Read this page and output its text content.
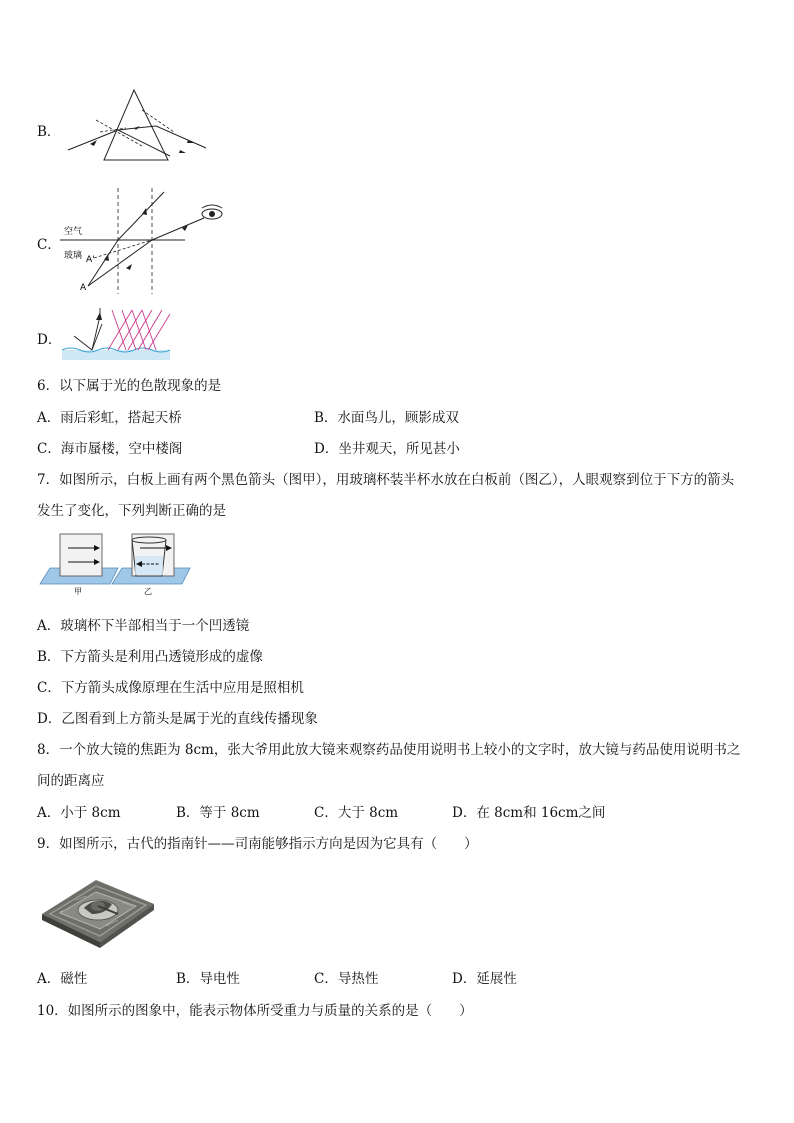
B．
C．
空气
玻璃 A'
A
D．
6．以下属于光的色散现象的是
A．雨后彩虹，搭起天桥	B．水面鸟儿，顾影成双
C．海市蜃楼，空中楼阁	D．坐井观天，所见甚小
7．如图所示，白板上画有两个黑色箭头（图甲），用玻璃杯装半杯水放在白板前（图乙），人眼观察到位于下方的箭头
发生了变化，下列判断正确的是
甲	乙
A．玻璃杯下半部相当于一个凹透镜
B．下方箭头是利用凸透镜形成的虚像
C．下方箭头成像原理在生活中应用是照相机
D．乙图看到上方箭头是属于光的直线传播现象
8．一个放大镜的焦距为 8cm，张大爷用此放大镜来观察药品使用说明书上较小的文字时，放大镜与药品使用说明书之
间的距离应
A．小于 8cm	B．等于 8cm	C．大于 8cm	D．在 8cm和 16cm之间
9．如图所示，古代的指南针——司南能够指示方向是因为它具有（　　）
A．磁性	B．导电性	C．导热性	D．延展性
10．如图所示的图象中，能表示物体所受重力与质量的关系的是（　　）
